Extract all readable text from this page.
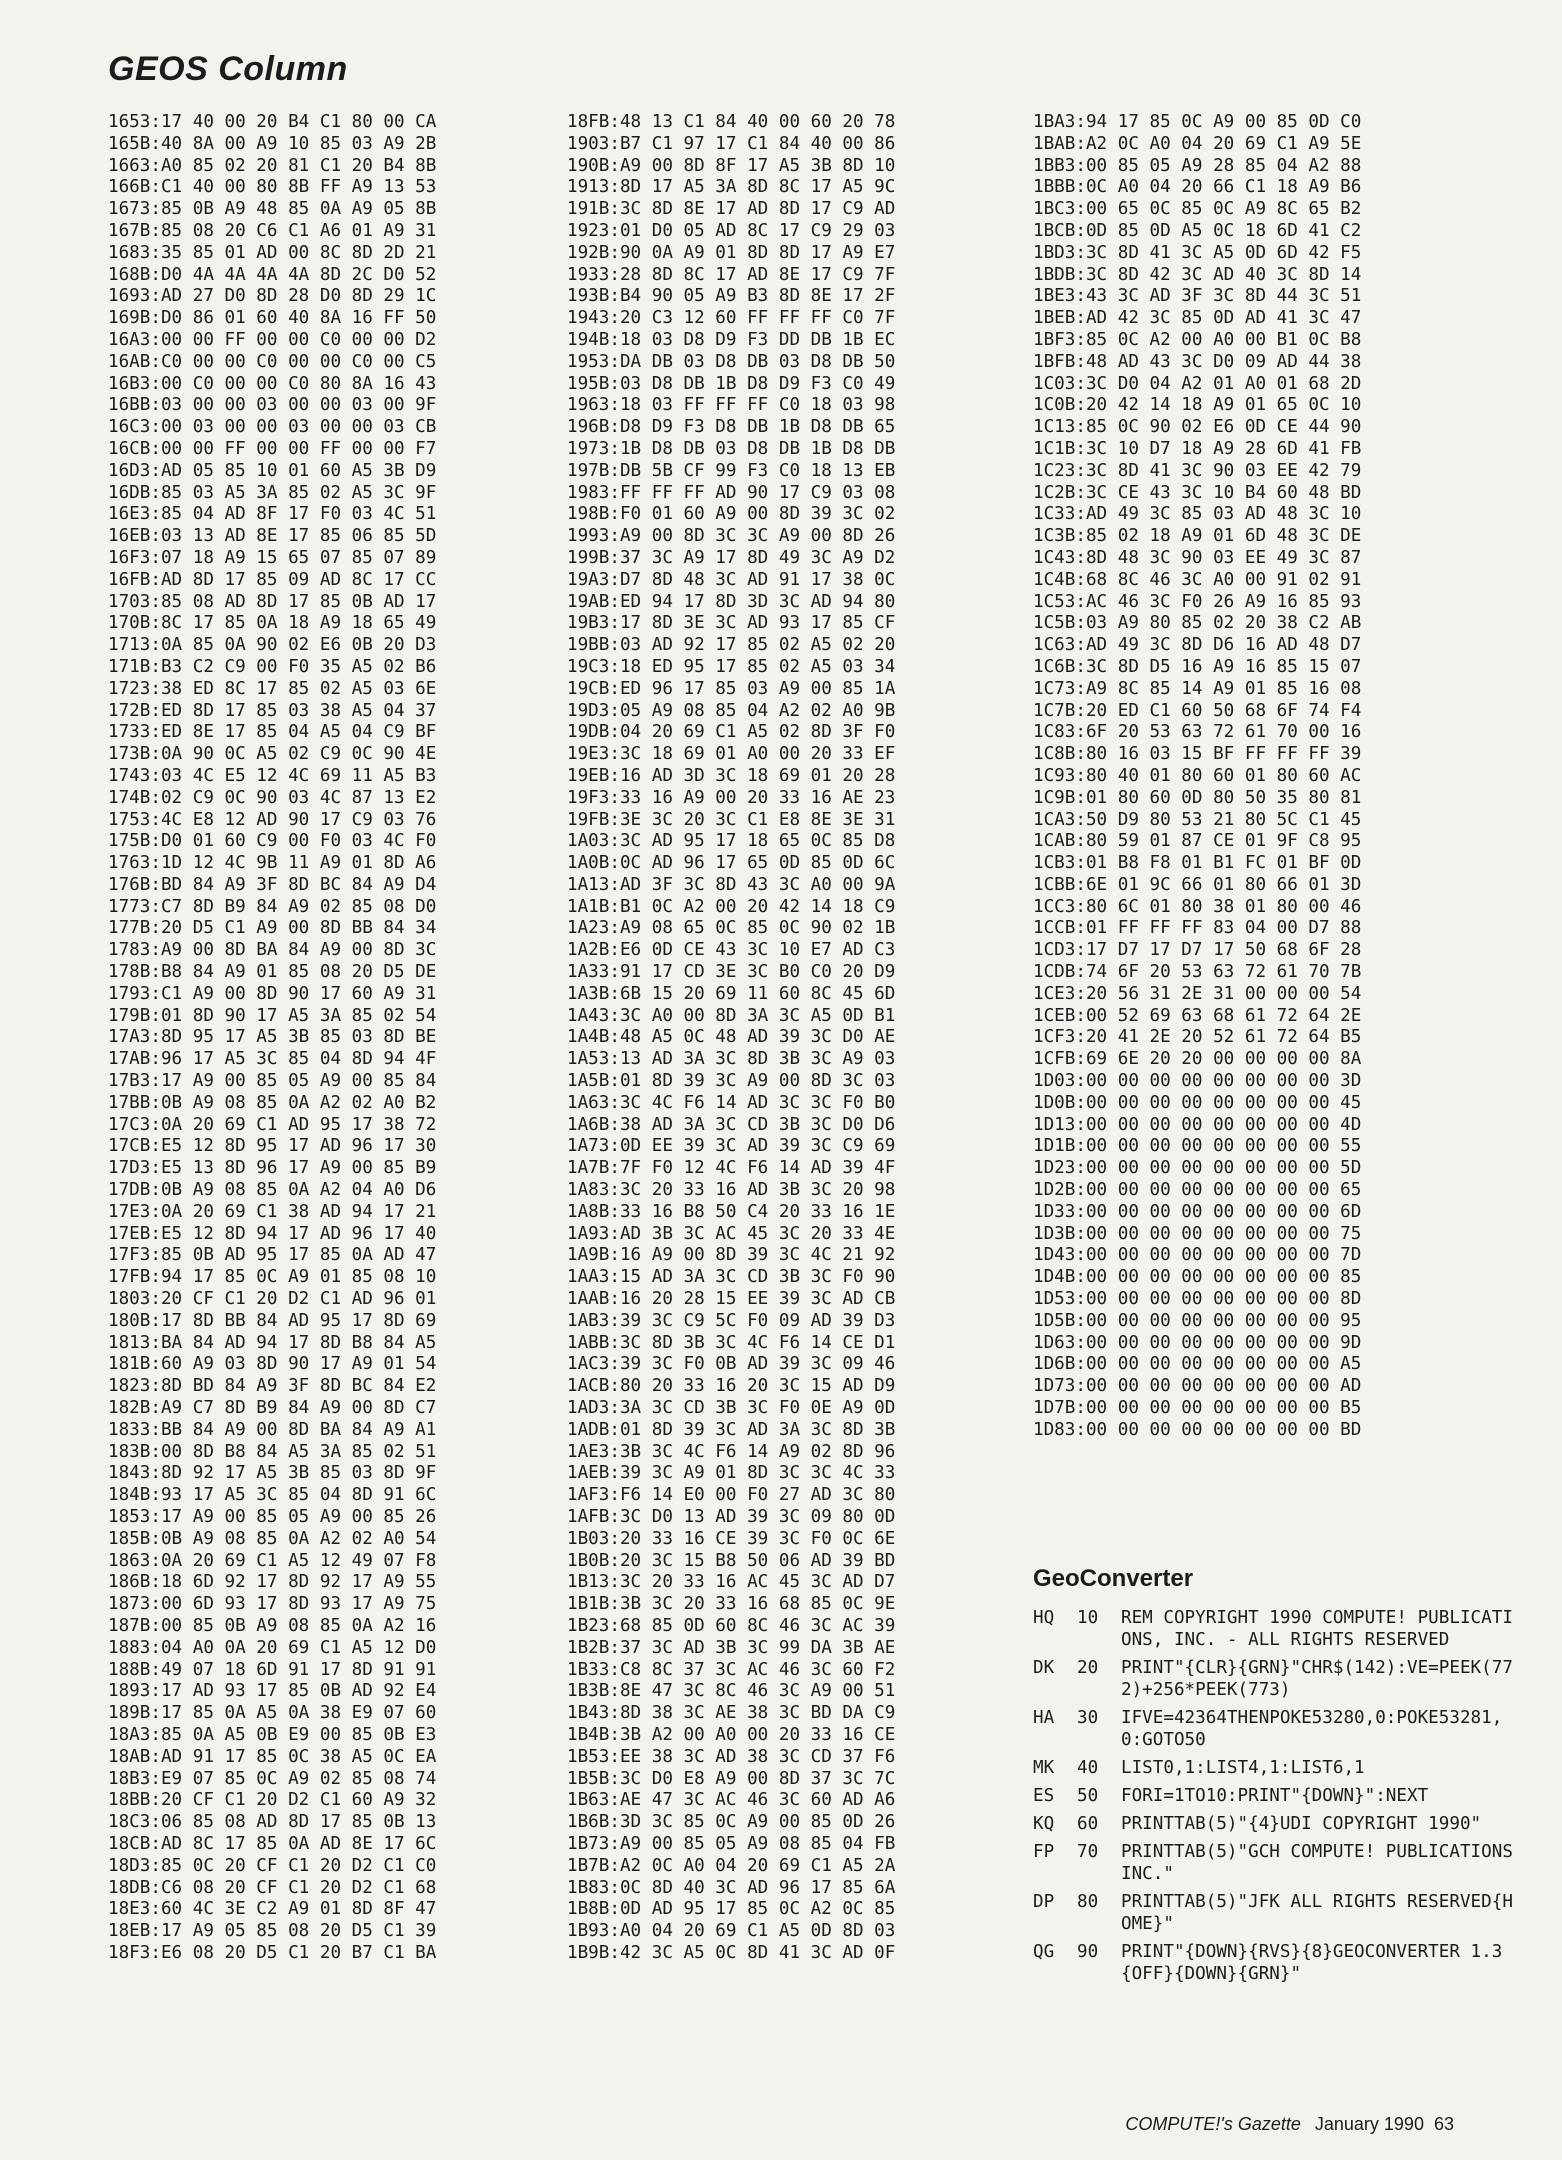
GEOS Column
1653:17 40 00 20 B4 C1 80 00 CA
165B:40 8A 00 A9 10 85 03 A9 2B
1663:A0 85 02 20 81 C1 20 B4 8B
166B:C1 40 00 80 8B FF A9 13 53
1673:85 0B A9 48 85 0A A9 05 8B
167B:85 08 20 C6 C1 A6 01 A9 31
1683:35 85 01 AD 00 8C 8D 2D 21
168B:D0 4A 4A 4A 4A 8D 2C D0 52
1693:AD 27 D0 8D 28 D0 8D 29 1C
169B:D0 86 01 60 40 8A 16 FF 50
16A3:00 00 FF 00 00 C0 00 00 D2
16AB:C0 00 00 C0 00 00 C0 00 C5
16B3:00 C0 00 00 C0 80 8A 16 43
16BB:03 00 00 03 00 00 03 00 9F
16C3:00 03 00 00 03 00 00 03 CB
16CB:00 00 FF 00 00 FF 00 00 F7
16D3:AD 05 85 10 01 60 A5 3B D9
16DB:85 03 A5 3A 85 02 A5 3C 9F
16E3:85 04 AD 8F 17 F0 03 4C 51
16EB:03 13 AD 8E 17 85 06 85 5D
16F3:07 18 A9 15 65 07 85 07 89
16FB:AD 8D 17 85 09 AD 8C 17 CC
1703:85 08 AD 8D 17 85 0B AD 17
170B:8C 17 85 0A 18 A9 18 65 49
1713:0A 85 0A 90 02 E6 0B 20 D3
171B:B3 C2 C9 00 F0 35 A5 02 B6
1723:38 ED 8C 17 85 02 A5 03 6E
172B:ED 8D 17 85 03 38 A5 04 37
1733:ED 8E 17 85 04 A5 04 C9 BF
173B:0A 90 0C A5 02 C9 0C 90 4E
1743:03 4C E5 12 4C 69 11 A5 B3
174B:02 C9 0C 90 03 4C 87 13 E2
1753:4C E8 12 AD 90 17 C9 03 76
175B:D0 01 60 C9 00 F0 03 4C F0
1763:1D 12 4C 9B 11 A9 01 8D A6
176B:BD 84 A9 3F 8D BC 84 A9 D4
1773:C7 8D B9 84 A9 02 85 08 D0
177B:20 D5 C1 A9 00 8D BB 84 34
1783:A9 00 8D BA 84 A9 00 8D 3C
178B:B8 84 A9 01 85 08 20 D5 DE
1793:C1 A9 00 8D 90 17 60 A9 31
179B:01 8D 90 17 A5 3A 85 02 54
17A3:8D 95 17 A5 3B 85 03 8D BE
17AB:96 17 A5 3C 85 04 8D 94 4F
17B3:17 A9 00 85 05 A9 00 85 84
17BB:0B A9 08 85 0A A2 02 A0 B2
17C3:0A 20 69 C1 AD 95 17 38 72
17CB:E5 12 8D 95 17 AD 96 17 30
17D3:E5 13 8D 96 17 A9 00 85 B9
17DB:0B A9 08 85 0A A2 04 A0 D6
17E3:0A 20 69 C1 38 AD 94 17 21
17EB:E5 12 8D 94 17 AD 96 17 40
17F3:85 0B AD 95 17 85 0A AD 47
17FB:94 17 85 0C A9 01 85 08 10
1803:20 CF C1 20 D2 C1 AD 96 01
180B:17 8D BB 84 AD 95 17 8D 69
1813:BA 84 AD 94 17 8D B8 84 A5
181B:60 A9 03 8D 90 17 A9 01 54
1823:8D BD 84 A9 3F 8D BC 84 E2
182B:A9 C7 8D B9 84 A9 00 8D C7
1833:BB 84 A9 00 8D BA 84 A9 A1
183B:00 8D B8 84 A5 3A 85 02 51
1843:8D 92 17 A5 3B 85 03 8D 9F
184B:93 17 A5 3C 85 04 8D 91 6C
1853:17 A9 00 85 05 A9 00 85 26
185B:0B A9 08 85 0A A2 02 A0 54
1863:0A 20 69 C1 A5 12 49 07 F8
186B:18 6D 92 17 8D 92 17 A9 55
1873:00 6D 93 17 8D 93 17 A9 75
187B:00 85 0B A9 08 85 0A A2 16
1883:04 A0 0A 20 69 C1 A5 12 D0
188B:49 07 18 6D 91 17 8D 91 91
1893:17 AD 93 17 85 0B AD 92 E4
189B:17 85 0A A5 0A 38 E9 07 60
18A3:85 0A A5 0B E9 00 85 0B E3
18AB:AD 91 17 85 0C 38 A5 0C EA
18B3:E9 07 85 0C A9 02 85 08 74
18BB:20 CF C1 20 D2 C1 60 A9 32
18C3:06 85 08 AD 8D 17 85 0B 13
18CB:AD 8C 17 85 0A AD 8E 17 6C
18D3:85 0C 20 CF C1 20 D2 C1 C0
18DB:C6 08 20 CF C1 20 D2 C1 68
18E3:60 4C 3E C2 A9 01 8D 8F 47
18EB:17 A9 05 85 08 20 D5 C1 39
18F3:E6 08 20 D5 C1 20 B7 C1 BA
18FB:48 13 C1 84 40 00 60 20 78
1903:B7 C1 97 17 C1 84 40 00 86
190B:A9 00 8D 8F 17 A5 3B 8D 10
1913:8D 17 A5 3A 8D 8C 17 A5 9C
191B:3C 8D 8E 17 AD 8D 17 C9 AD
1923:01 D0 05 AD 8C 17 C9 29 03
192B:90 0A A9 01 8D 8D 17 A9 E7
1933:28 8D 8C 17 AD 8E 17 C9 7F
193B:B4 90 05 A9 B3 8D 8E 17 2F
1943:20 C3 12 60 FF FF FF C0 7F
194B:18 03 D8 D9 F3 DD DB 1B EC
1953:DA DB 03 D8 DB 03 D8 DB 50
195B:03 D8 DB 1B D8 D9 F3 C0 49
1963:18 03 FF FF FF C0 18 03 98
196B:D8 D9 F3 D8 DB 1B D8 DB 65
1973:1B D8 DB 03 D8 DB 1B D8 DB
197B:DB 5B CF 99 F3 C0 18 13 EB
1983:FF FF FF AD 90 17 C9 03 08
198B:F0 01 60 A9 00 8D 39 3C 02
1993:A9 00 8D 3C 3C A9 00 8D 26
199B:37 3C A9 17 8D 49 3C A9 D2
19A3:D7 8D 48 3C AD 91 17 38 0C
19AB:ED 94 17 8D 3D 3C AD 94 80
19B3:17 8D 3E 3C AD 93 17 85 CF
19BB:03 AD 92 17 85 02 A5 02 20
19C3:18 ED 95 17 85 02 A5 03 34
19CB:ED 96 17 85 03 A9 00 85 1A
19D3:05 A9 08 85 04 A2 02 A0 9B
19DB:04 20 69 C1 A5 02 8D 3F F0
19E3:3C 18 69 01 A0 00 20 33 EF
19EB:16 AD 3D 3C 18 69 01 20 28
19F3:33 16 A9 00 20 33 16 AE 23
19FB:3E 3C 20 3C C1 E8 8E 3E 31
1A03:3C AD 95 17 18 65 0C 85 D8
1A0B:0C AD 96 17 65 0D 85 0D 6C
1A13:AD 3F 3C 8D 43 3C A0 00 9A
1A1B:B1 0C A2 00 20 42 14 18 C9
1A23:A9 08 65 0C 85 0C 90 02 1B
1A2B:E6 0D CE 43 3C 10 E7 AD C3
1A33:91 17 CD 3E 3C B0 C0 20 D9
1A3B:6B 15 20 69 11 60 8C 45 6D
1A43:3C A0 00 8D 3A 3C A5 0D B1
1A4B:48 A5 0C 48 AD 39 3C D0 AE
1A53:13 AD 3A 3C 8D 3B 3C A9 03
1A5B:01 8D 39 3C A9 00 8D 3C 03
1A63:3C 4C F6 14 AD 3C 3C F0 B0
1A6B:38 AD 3A 3C CD 3B 3C D0 D6
1A73:0D EE 39 3C AD 39 3C C9 69
1A7B:7F F0 12 4C F6 14 AD 39 4F
1A83:3C 20 33 16 AD 3B 3C 20 98
1A8B:33 16 B8 50 C4 20 33 16 1E
1A93:AD 3B 3C AC 45 3C 20 33 4E
1A9B:16 A9 00 8D 39 3C 4C 21 92
1AA3:15 AD 3A 3C CD 3B 3C F0 90
1AAB:16 20 28 15 EE 39 3C AD CB
1AB3:39 3C C9 5C F0 09 AD 39 D3
1ABB:3C 8D 3B 3C 4C F6 14 CE D1
1AC3:39 3C F0 0B AD 39 3C 09 46
1ACB:80 20 33 16 20 3C 15 AD D9
1AD3:3A 3C CD 3B 3C F0 0E A9 0D
1ADB:01 8D 39 3C AD 3A 3C 8D 3B
1AE3:3B 3C 4C F6 14 A9 02 8D 96
1AEB:39 3C A9 01 8D 3C 3C 4C 33
1AF3:F6 14 E0 00 F0 27 AD 3C 80
1AFB:3C D0 13 AD 39 3C 09 80 0D
1B03:20 33 16 CE 39 3C F0 0C 6E
1B0B:20 3C 15 B8 50 06 AD 39 BD
1B13:3C 20 33 16 AC 45 3C AD D7
1B1B:3B 3C 20 33 16 68 85 0C 9E
1B23:68 85 0D 60 8C 46 3C AC 39
1B2B:37 3C AD 3B 3C 99 DA 3B AE
1B33:C8 8C 37 3C AC 46 3C 60 F2
1B3B:8E 47 3C 8C 46 3C A9 00 51
1B43:8D 38 3C AE 38 3C BD DA C9
1B4B:3B A2 00 A0 00 20 33 16 CE
1B53:EE 38 3C AD 38 3C CD 37 F6
1B5B:3C D0 E8 A9 00 8D 37 3C 7C
1B63:AE 47 3C AC 46 3C 60 AD A6
1B6B:3D 3C 85 0C A9 00 85 0D 26
1B73:A9 00 85 05 A9 08 85 04 FB
1B7B:A2 0C A0 04 20 69 C1 A5 2A
1B83:0C 8D 40 3C AD 96 17 85 6A
1B8B:0D AD 95 17 85 0C A2 0C 85
1B93:A0 04 20 69 C1 A5 0D 8D 03
1B9B:42 3C A5 0C 8D 41 3C AD 0F
1BA3:94 17 85 0C A9 00 85 0D C0
1BAB:A2 0C A0 04 20 69 C1 A9 5E
1BB3:00 85 05 A9 28 85 04 A2 88
1BBB:0C A0 04 20 66 C1 18 A9 B6
1BC3:00 65 0C 85 0C A9 8C 65 B2
1BCB:0D 85 0D A5 0C 18 6D 41 C2
1BD3:3C 8D 41 3C A5 0D 6D 42 F5
1BDB:3C 8D 42 3C AD 40 3C 8D 14
1BE3:43 3C AD 3F 3C 8D 44 3C 51
1BEB:AD 42 3C 85 0D AD 41 3C 47
1BF3:85 0C A2 00 A0 00 B1 0C B8
1BFB:48 AD 43 3C D0 09 AD 44 38
1C03:3C D0 04 A2 01 A0 01 68 2D
1C0B:20 42 14 18 A9 01 65 0C 10
1C13:85 0C 90 02 E6 0D CE 44 90
1C1B:3C 10 D7 18 A9 28 6D 41 FB
1C23:3C 8D 41 3C 90 03 EE 42 79
1C2B:3C CE 43 3C 10 B4 60 48 BD
1C33:AD 49 3C 85 03 AD 48 3C 10
1C3B:85 02 18 A9 01 6D 48 3C DE
1C43:8D 48 3C 90 03 EE 49 3C 87
1C4B:68 8C 46 3C A0 00 91 02 91
1C53:AC 46 3C F0 26 A9 16 85 93
1C5B:03 A9 80 85 02 20 38 C2 AB
1C63:AD 49 3C 8D D6 16 AD 48 D7
1C6B:3C 8D D5 16 A9 16 85 15 07
1C73:A9 8C 85 14 A9 01 85 16 08
1C7B:20 ED C1 60 50 68 6F 74 F4
1C83:6F 20 53 63 72 61 70 00 16
1C8B:80 16 03 15 BF FF FF FF 39
1C93:80 40 01 80 60 01 80 60 AC
1C9B:01 80 60 0D 80 50 35 80 81
1CA3:50 D9 80 53 21 80 5C C1 45
1CAB:80 59 01 87 CE 01 9F C8 95
1CB3:01 B8 F8 01 B1 FC 01 BF 0D
1CBB:6E 01 9C 66 01 80 66 01 3D
1CC3:80 6C 01 80 38 01 80 00 46
1CCB:01 FF FF FF 83 04 00 D7 88
1CD3:17 D7 17 D7 17 50 68 6F 28
1CDB:74 6F 20 53 63 72 61 70 7B
1CE3:20 56 31 2E 31 00 00 00 54
1CEB:00 52 69 63 68 61 72 64 2E
1CF3:20 41 2E 20 52 61 72 64 B5
1CFB:69 6E 20 20 00 00 00 00 8A
1D03:00 00 00 00 00 00 00 00 3D
1D0B:00 00 00 00 00 00 00 00 45
1D13:00 00 00 00 00 00 00 00 4D
1D1B:00 00 00 00 00 00 00 00 55
1D23:00 00 00 00 00 00 00 00 5D
1D2B:00 00 00 00 00 00 00 00 65
1D33:00 00 00 00 00 00 00 00 6D
1D3B:00 00 00 00 00 00 00 00 75
1D43:00 00 00 00 00 00 00 00 7D
1D4B:00 00 00 00 00 00 00 00 85
1D53:00 00 00 00 00 00 00 00 8D
1D5B:00 00 00 00 00 00 00 00 95
1D63:00 00 00 00 00 00 00 00 9D
1D6B:00 00 00 00 00 00 00 00 A5
1D73:00 00 00 00 00 00 00 00 AD
1D7B:00 00 00 00 00 00 00 00 B5
1D83:00 00 00 00 00 00 00 00 BD
GeoConverter
HQ	10	REM COPYRIGHT 1990 COMPUTE! PUBLICATIONS, INC. - ALL RIGHTS RESERVED
DK	20	PRINT"{CLR}{GRN}"CHR$(142):VE=PEEK(772)+256*PEEK(773)
HA	30	IFVE=42364THENPOKE53280,0:POKE53281,0:GOTO50
MK	40	LIST0,1:LIST4,1:LIST6,1
ES	50	FORI=1TO10:PRINT"{DOWN}":NEXT
KQ	60	PRINTTAB(5)"{4}UDI COPYRIGHT 1990"
FP	70	PRINTTAB(5)"GCH COMPUTE! PUBLICATIONS INC."
DP	80	PRINTTAB(5)"JFK ALL RIGHTS RESERVED{HOME}"
QG	90	PRINT"{DOWN}{RVS}{8}GEOCONVERTER 1.3{OFF}{DOWN}{GRN}"
COMPUTE!'s Gazette January 1990 63
